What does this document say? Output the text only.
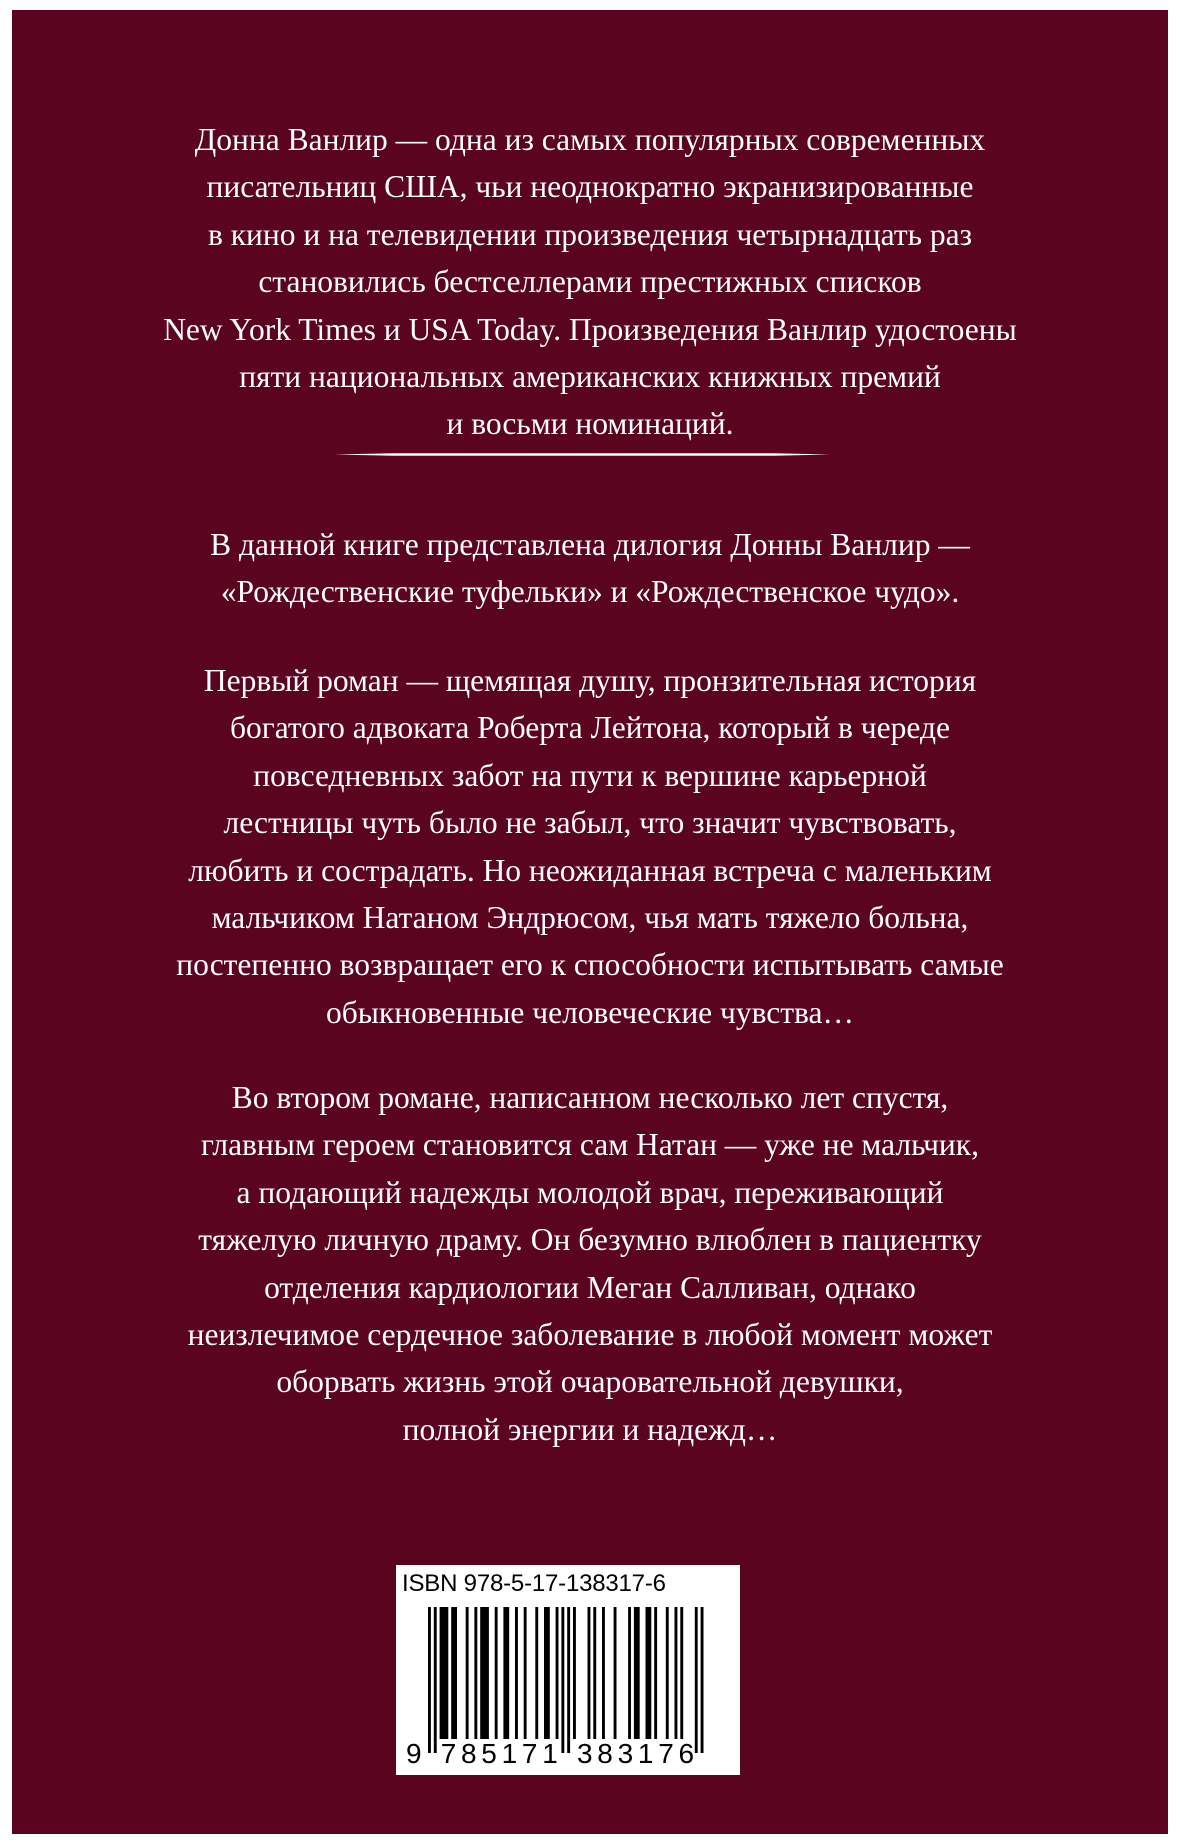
Донна Ванлир — одна из самых популярных современных
писательниц США, чьи неоднократно экранизированные
в кино и на телевидении произведения четырнадцать раз
становились бестселлерами престижных списков
New York Times и USA Today. Произведения Ванлир удостоены
пяти национальных американских книжных премий
и восьми номинаций.
В данной книге представлена дилогия Донны Ванлир —
«Рождественские туфельки» и «Рождественское чудо».
Первый роман — щемящая душу, пронзительная история
богатого адвоката Роберта Лейтона, который в череде
повседневных забот на пути к вершине карьерной
лестницы чуть было не забыл, что значит чувствовать,
любить и сострадать. Но неожиданная встреча с маленьким
мальчиком Натаном Эндрюсом, чья мать тяжело больна,
постепенно возвращает его к способности испытывать самые
обыкновенные человеческие чувства…
Во втором романе, написанном несколько лет спустя,
главным героем становится сам Натан — уже не мальчик,
а подающий надежды молодой врач, переживающий
тяжелую личную драму. Он безумно влюблен в пациентку
отделения кардиологии Меган Салливан, однако
неизлечимое сердечное заболевание в любой момент может
оборвать жизнь этой очаровательной девушки,
полной энергии и надежд…
ISBN 978-5-17-138317-6
9 7 8 5 1 7 1 3 8 3 1 7 6
